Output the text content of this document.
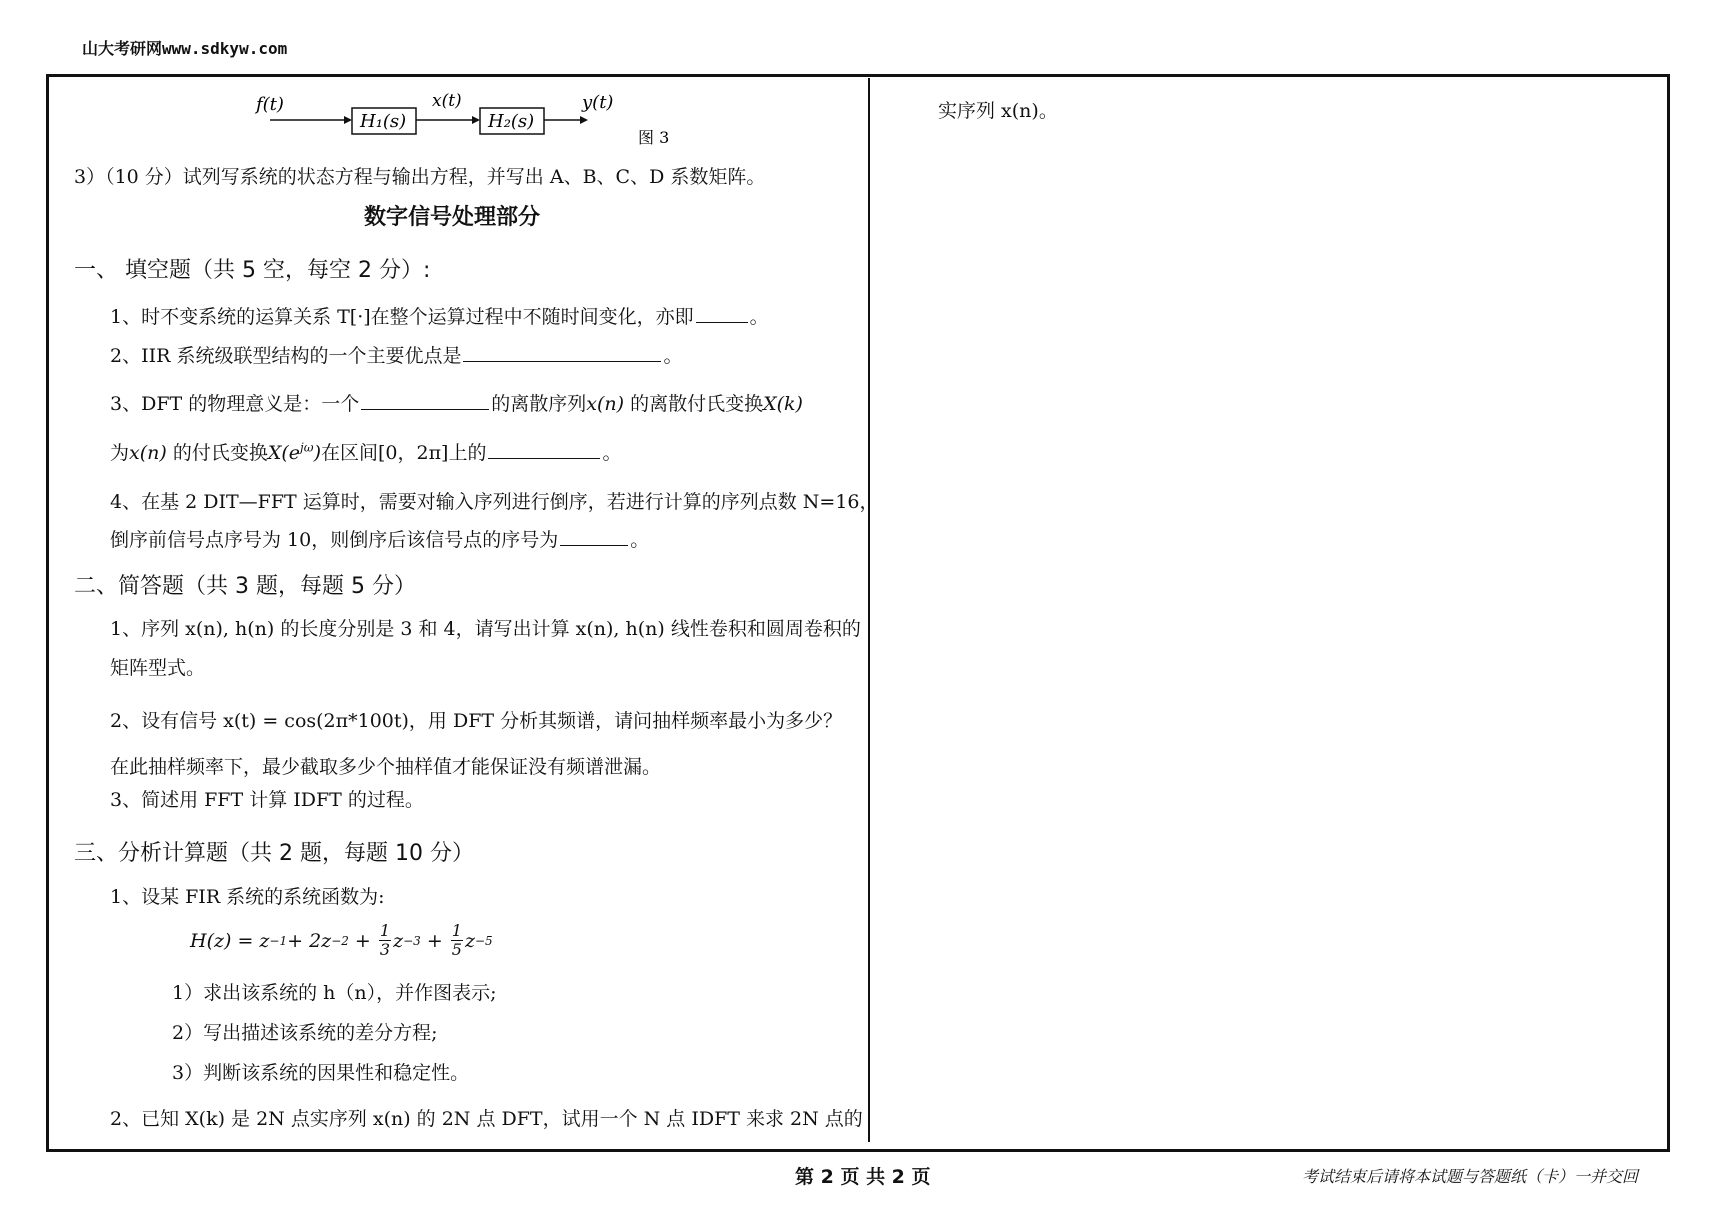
山大考研网www.sdkyw.com
f(t)
H₁(s)
x(t)
H₂(s)
y(t)
图 3
3）（10 分）试列写系统的状态方程与输出方程，并写出 A、B、C、D 系数矩阵。
数字信号处理部分
一、 填空题（共 5 空，每空 2 分）:
1、时不变系统的运算关系 T[·]在整个运算过程中不随时间变化，亦即	。
2、IIR 系统级联型结构的一个主要优点是	。
3、DFT 的物理意义是：一个	的离散序列x(n) 的离散付氏变换X(k)
为x(n) 的付氏变换$X(e^{j\omega})$在区间[0，2π]上的	。
4、在基 2 DIT—FFT 运算时，需要对输入序列进行倒序，若进行计算的序列点数 N=16，
倒序前信号点序号为 10，则倒序后该信号点的序号为	。
二、简答题（共 3 题，每题 5 分）
1、序列 x(n), h(n) 的长度分别是 3 和 4，请写出计算 x(n), h(n) 线性卷积和圆周卷积的
矩阵型式。
2、设有信号 x(t) = cos(2π*100t)，用 DFT 分析其频谱，请问抽样频率最小为多少？
在此抽样频率下，最少截取多少个抽样值才能保证没有频谱泄漏。
3、简述用 FFT 计算 IDFT 的过程。
三、分析计算题（共 2 题，每题 10 分）
1、设某 FIR 系统的系统函数为:
$H(z) = z -1 + 2z -2 + \frac{1}{3}$ $z -3 + \frac{1}{5}$ z −5
1）求出该系统的 h（n），并作图表示;
2）写出描述该系统的差分方程;
3）判断该系统的因果性和稳定性。
2、已知 X(k) 是 2N 点实序列 x(n) 的 2N 点 DFT，试用一个 N 点 IDFT 来求 2N 点的
实序列 x(n)。
第 2 页 共 2 页	考试结束后请将本试题与答题纸（卡）一并交回
